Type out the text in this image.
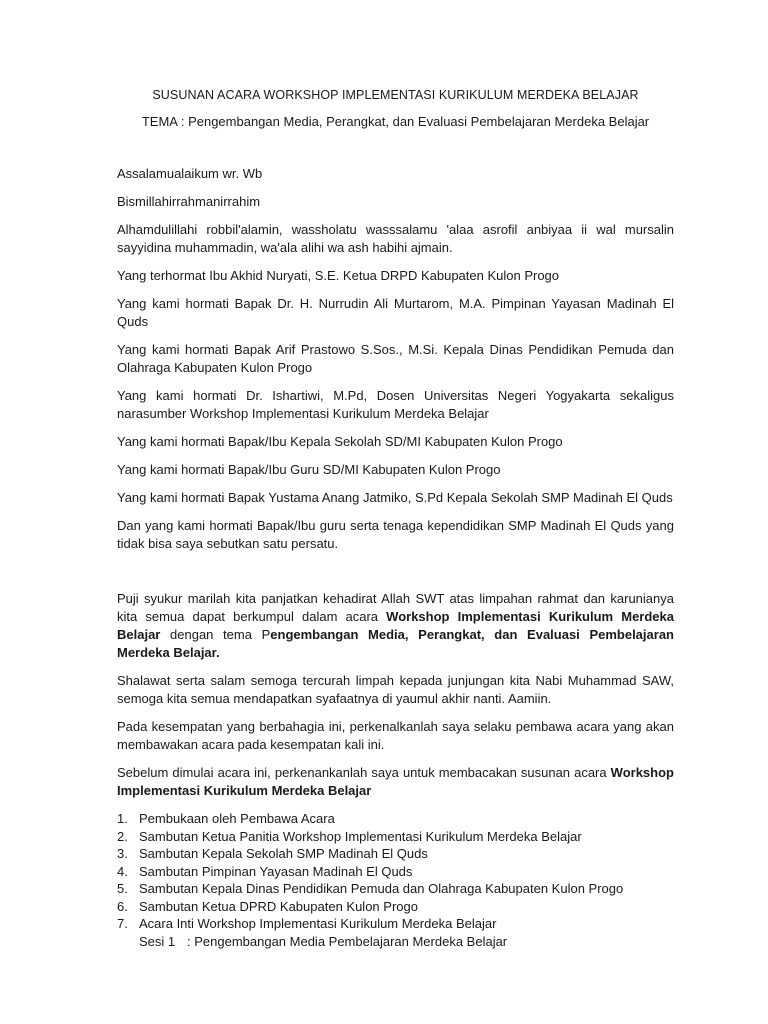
SUSUNAN ACARA WORKSHOP IMPLEMENTASI KURIKULUM MERDEKA BELAJAR
TEMA : Pengembangan Media, Perangkat, dan Evaluasi Pembelajaran Merdeka Belajar

Assalamualaikum wr. Wb

Bismillahirrahmanirrahim

Alhamdulillahi robbil'alamin, wassholatu wasssalamu 'alaa asrofil anbiyaa ii wal mursalin sayyidina muhammadin, wa'ala alihi wa ash habihi ajmain.

Yang terhormat Ibu Akhid Nuryati, S.E. Ketua DRPD Kabupaten Kulon Progo

Yang kami hormati Bapak Dr. H. Nurrudin Ali Murtarom, M.A. Pimpinan Yayasan Madinah El Quds

Yang kami hormati Bapak Arif Prastowo S.Sos., M.Si. Kepala Dinas Pendidikan Pemuda dan Olahraga Kabupaten Kulon Progo

Yang kami hormati Dr. Ishartiwi, M.Pd, Dosen Universitas Negeri Yogyakarta sekaligus narasumber Workshop Implementasi Kurikulum Merdeka Belajar

Yang kami hormati Bapak/Ibu Kepala Sekolah SD/MI Kabupaten Kulon Progo

Yang kami hormati Bapak/Ibu Guru SD/MI Kabupaten Kulon Progo

Yang kami hormati Bapak Yustama Anang Jatmiko, S.Pd Kepala Sekolah SMP Madinah El Quds

Dan yang kami hormati Bapak/Ibu guru serta tenaga kependidikan SMP Madinah El Quds yang tidak bisa saya sebutkan satu persatu.

Puji syukur marilah kita panjatkan kehadirat Allah SWT atas limpahan rahmat dan karunianya kita semua dapat berkumpul dalam acara Workshop Implementasi Kurikulum Merdeka Belajar dengan tema Pengembangan Media, Perangkat, dan Evaluasi Pembelajaran Merdeka Belajar.

Shalawat serta salam semoga tercurah limpah kepada junjungan kita Nabi Muhammad SAW, semoga kita semua mendapatkan syafaatnya di yaumul akhir nanti. Aamiin.

Pada kesempatan yang berbahagia ini, perkenalkanlah saya selaku pembawa acara yang akan membawakan acara pada kesempatan kali ini.

Sebelum dimulai acara ini, perkenankanlah saya untuk membacakan susunan acara Workshop Implementasi Kurikulum Merdeka Belajar

1. Pembukaan oleh Pembawa Acara
2. Sambutan Ketua Panitia Workshop Implementasi Kurikulum Merdeka Belajar
3. Sambutan Kepala Sekolah SMP Madinah El Quds
4. Sambutan Pimpinan Yayasan Madinah El Quds
5. Sambutan Kepala Dinas Pendidikan Pemuda dan Olahraga Kabupaten Kulon Progo
6. Sambutan Ketua DPRD Kabupaten Kulon Progo
7. Acara Inti Workshop Implementasi Kurikulum Merdeka Belajar
Sesi 1 : Pengembangan Media Pembelajaran Merdeka Belajar
